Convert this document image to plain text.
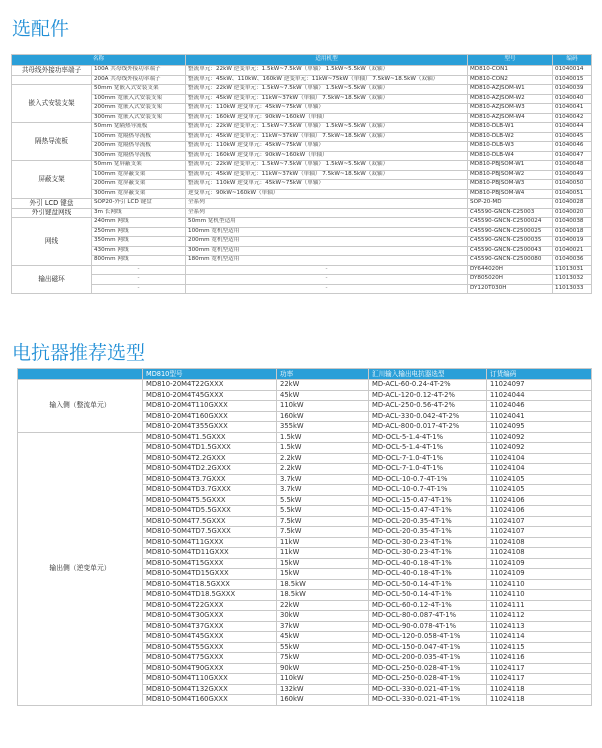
选配件
名称		适用机型	型号	编码
共母线外接功率端子	100A 共母线外接功率端子	整流单元：22kW 逆变单元：1.5kW~7.5kW（单轴） 1.5kW~5.5kW（双轴）	MD810-CON1	01040014
	200A 共母线外接功率端子	整流单元：45kW、110kW、160kW 逆变单元：11kW~75kW（单轴） 7.5kW~18.5kW（双轴）	MD810-CON2	01040015
嵌入式安装支架	50mm 宽嵌入式安装支架	整流单元：22kW 逆变单元：1.5kW~7.5kW（单轴） 1.5kW~5.5kW（双轴）	MD810-AZJSOM-W1	01040039
	100mm 宽嵌入式安装支架	整流单元：45kW 逆变单元：11kW~37kW（单轴） 7.5kW~18.5kW（双轴）	MD810-AZJSOM-W2	01040040
	200mm 宽嵌入式安装支架	整流单元：110kW 逆变单元：45kW~75kW（单轴）	MD810-AZJSOM-W3	01040041
	300mm 宽嵌入式安装支架	整流单元：160kW 逆变单元：90kW~160kW（单轴）	MD810-AZJSOM-W4	01040042
隔热导流板	50mm 宽隔热导流板	整流单元：22kW 逆变单元：1.5kW~7.5kW（单轴） 1.5kW~5.5kW（双轴）	MD810-DLB-W1	01040044
	100mm 宽隔热导流板	整流单元：45kW 逆变单元：11kW~37kW（单轴） 7.5kW~18.5kW（双轴）	MD810-DLB-W2	01040045
	200mm 宽隔热导流板	整流单元：110kW 逆变单元：45kW~75kW（单轴）	MD810-DLB-W3	01040046
	300mm 宽隔热导流板	整流单元：160kW 逆变单元：90kW~160kW（单轴）	MD810-DLB-W4	01040047
屏蔽支架	50mm 宽屏蔽支架	整流单元：22kW 逆变单元：1.5kW~7.5kW（单轴） 1.5kW~5.5kW（双轴）	MD810-PBJSOM-W1	01040048
	100mm 宽屏蔽支架	整流单元：45kW 逆变单元：11kW~37kW（单轴） 7.5kW~18.5kW（双轴）	MD810-PBJSOM-W2	01040049
	200mm 宽屏蔽支架	整流单元：110kW 逆变单元：45kW~75kW（单轴）	MD810-PBJSOM-W3	01040050
	300mm 宽屏蔽支架	逆变单元：90kW~160kW（单轴）	MD810-PBJSOM-W4	01040051
外引 LCD 键盘	SOP20-外引 LCD 键盘	全系列	SOP-20-MD	01040028
外引键盘网线	3m 长网线	全系列	C45590-GNCN-C25003	01040020
网线	240mm 网线	50mm 宽机型适用	C45590-GNCN-C2500024	01040038
	250mm 网线	100mm 宽机型适用	C45590-GNCN-C2500025	01040018
	350mm 网线	200mm 宽机型适用	C45590-GNCN-C2500035	01040019
	430mm 网线	300mm 宽机型适用	C45590-GNCN-C2500043	01040021
	800mm 网线	180mm 宽机型适用	C45590-GNCN-C2500080	01040036
输出磁环	-	-	DY644020H	11013031
	-	-	DY805020H	11013032
	-	-	DY120T030H	11013033
电抗器推荐选型
	MD810型号	功率	汇川输入输出电抗器选型	订货编码
输入侧（整流单元）	MD810-20M4T22GXXX	22kW	MD-ACL-60-0.24-4T-2%	11024097
	MD810-20M4T45GXXX	45kW	MD-ACL-120-0.12-4T-2%	11024044
	MD810-20M4T110GXXX	110kW	MD-ACL-250-0.56-4T-2%	11024046
	MD810-20M4T160GXXX	160kW	MD-ACL-330-0.042-4T-2%	11024041
	MD810-20M4T355GXXX	355kW	MD-ACL-800-0.017-4T-2%	11024095
输出侧（逆变单元）	MD810-50M4T1.5GXXX	1.5kW	MD-OCL-5-1.4-4T-1%	11024092
	MD810-50M4TD1.5GXXX	1.5kW	MD-OCL-5-1.4-4T-1%	11024092
	MD810-50M4T2.2GXXX	2.2kW	MD-OCL-7-1.0-4T-1%	11024104
	MD810-50M4TD2.2GXXX	2.2kW	MD-OCL-7-1.0-4T-1%	11024104
	MD810-50M4T3.7GXXX	3.7kW	MD-OCL-10-0.7-4T-1%	11024105
	MD810-50M4TD3.7GXXX	3.7kW	MD-OCL-10-0.7-4T-1%	11024105
	MD810-50M4T5.5GXXX	5.5kW	MD-OCL-15-0.47-4T-1%	11024106
	MD810-50M4TD5.5GXXX	5.5kW	MD-OCL-15-0.47-4T-1%	11024106
	MD810-50M4T7.5GXXX	7.5kW	MD-OCL-20-0.35-4T-1%	11024107
	MD810-50M4TD7.5GXXX	7.5kW	MD-OCL-20-0.35-4T-1%	11024107
	MD810-50M4T11GXXX	11kW	MD-OCL-30-0.23-4T-1%	11024108
	MD810-50M4TD11GXXX	11kW	MD-OCL-30-0.23-4T-1%	11024108
	MD810-50M4T15GXXX	15kW	MD-OCL-40-0.18-4T-1%	11024109
	MD810-50M4TD15GXXX	15kW	MD-OCL-40-0.18-4T-1%	11024109
	MD810-50M4T18.5GXXX	18.5kW	MD-OCL-50-0.14-4T-1%	11024110
	MD810-50M4TD18.5GXXX	18.5kW	MD-OCL-50-0.14-4T-1%	11024110
	MD810-50M4T22GXXX	22kW	MD-OCL-60-0.12-4T-1%	11024111
	MD810-50M4T30GXXX	30kW	MD-OCL-80-0.087-4T-1%	11024112
	MD810-50M4T37GXXX	37kW	MD-OCL-90-0.078-4T-1%	11024113
	MD810-50M4T45GXXX	45kW	MD-OCL-120-0.058-4T-1%	11024114
	MD810-50M4T55GXXX	55kW	MD-OCL-150-0.047-4T-1%	11024115
	MD810-50M4T75GXXX	75kW	MD-OCL-200-0.035-4T-1%	11024116
	MD810-50M4T90GXXX	90kW	MD-OCL-250-0.028-4T-1%	11024117
	MD810-50M4T110GXXX	110kW	MD-OCL-250-0.028-4T-1%	11024117
	MD810-50M4T132GXXX	132kW	MD-OCL-330-0.021-4T-1%	11024118
	MD810-50M4T160GXXX	160kW	MD-OCL-330-0.021-4T-1%	11024118
